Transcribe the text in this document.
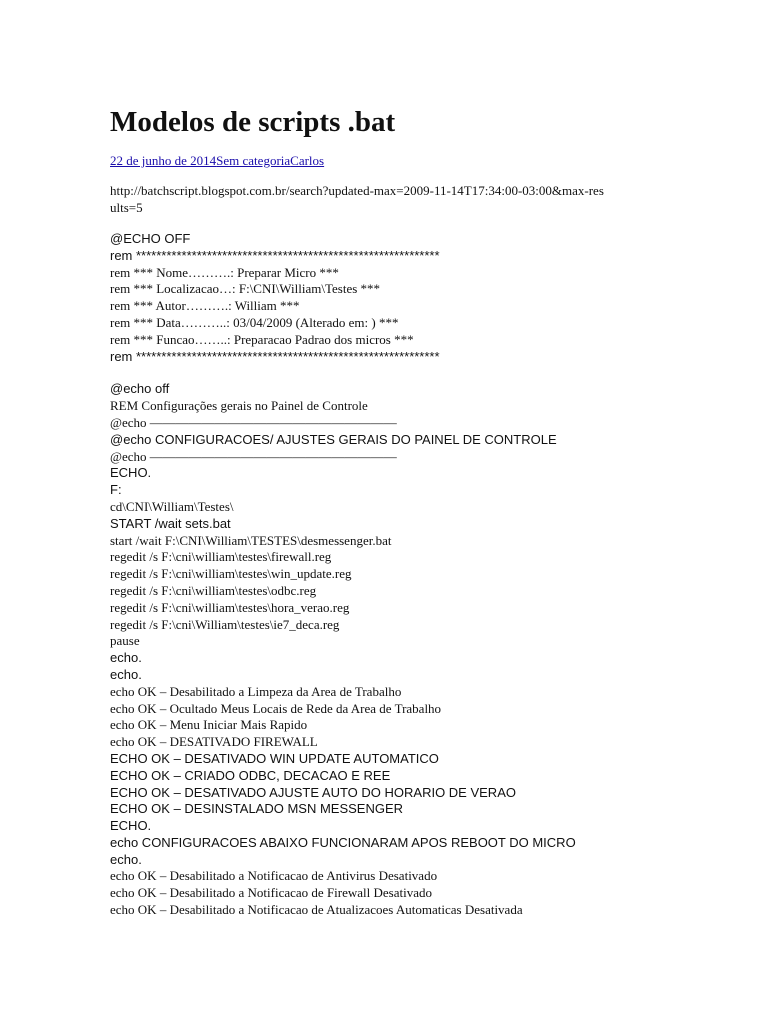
Modelos de scripts .bat
22 de junho de 2014Sem categoriaCarlos
http://batchscript.blogspot.com.br/search?updated-max=2009-11-14T17:34:00-03:00&max-results=5
@ECHO OFF
rem ************************************************************
rem *** Nome……….: Preparar Micro ***
rem *** Localizacao…: F:\CNI\William\Testes ***
rem *** Autor……….: William ***
rem *** Data………..: 03/04/2009 (Alterado em: ) ***
rem *** Funcao……..: Preparacao Padrao dos micros ***
rem ************************************************************
@echo off
REM Configurações gerais no Painel de Controle
@echo ———————————————————
@echo CONFIGURACOES/ AJUSTES GERAIS DO PAINEL DE CONTROLE
@echo ———————————————————
ECHO.
F:
cd\CNI\William\Testes\
START /wait sets.bat
start /wait F:\CNI\William\TESTES\desmessenger.bat
regedit /s F:\cni\william\testes\firewall.reg
regedit /s F:\cni\william\testes\win_update.reg
regedit /s F:\cni\william\testes\odbc.reg
regedit /s F:\cni\william\testes\hora_verao.reg
regedit /s F:\cni\William\testes\ie7_deca.reg
pause
echo.
echo.
echo OK – Desabilitado a Limpeza da Area de Trabalho
echo OK – Ocultado Meus Locais de Rede da Area de Trabalho
echo OK – Menu Iniciar Mais Rapido
echo OK – DESATIVADO FIREWALL
ECHO OK – DESATIVADO WIN UPDATE AUTOMATICO
ECHO OK – CRIADO ODBC, DECACAO E REE
ECHO OK – DESATIVADO AJUSTE AUTO DO HORARIO DE VERAO
ECHO OK – DESINSTALADO MSN MESSENGER
ECHO.
echo CONFIGURACOES ABAIXO FUNCIONARAM APOS REBOOT DO MICRO
echo.
echo OK – Desabilitado a Notificacao de Antivirus Desativado
echo OK – Desabilitado a Notificacao de Firewall Desativado
echo OK – Desabilitado a Notificacao de Atualizacoes Automaticas Desativada
